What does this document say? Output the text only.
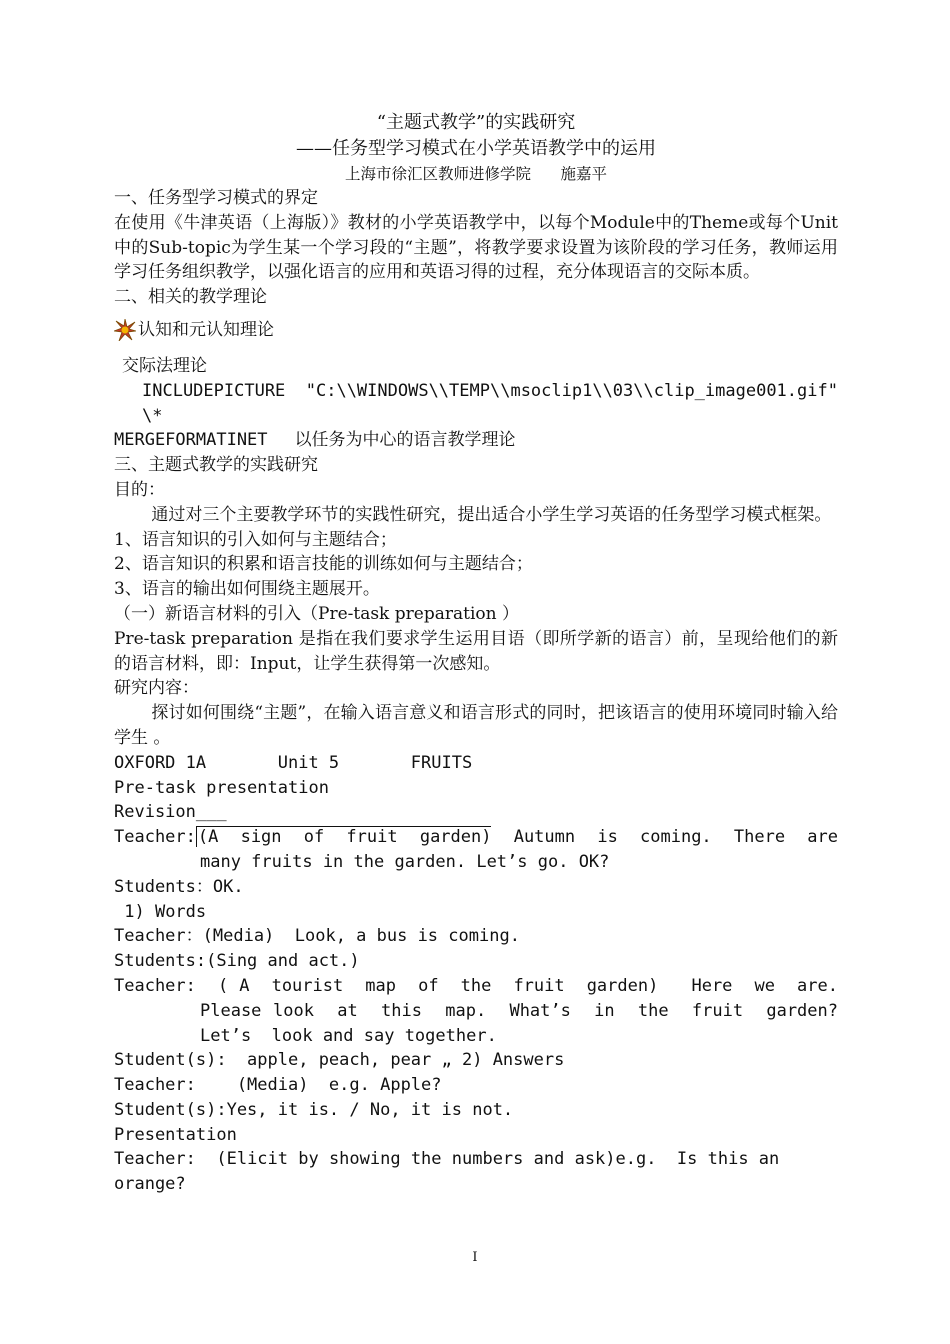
“主题式教学”的实践研究

——任务型学习模式在小学英语教学中的运用

上海市徐汇区教师进修学院 施嘉平

一、任务型学习模式的界定

在使用《牛津英语（上海版）》教材的小学英语教学中，以每个Module中的Theme或每个Unit中的Sub-topic为学生某一个学习段的“主题”，将教学要求设置为该阶段的学习任务，教师运用学习任务组织教学，以强化语言的应用和英语习得的过程，充分体现语言的交际本质。

二、相关的教学理论

认知和元认知理论

交际法理论

INCLUDEPICTURE  "C:\\WINDOWS\\TEMP\\msoclip1\\03\\clip_image001.gif"  \*

MERGEFORMATINET 以任务为中心的语言教学理论

三、主题式教学的实践研究

目的：

通过对三个主要教学环节的实践性研究，提出适合小学生学习英语的任务型学习模式框架。

1、语言知识的引入如何与主题结合；

2、语言知识的积累和语言技能的训练如何与主题结合；

3、语言的输出如何围绕主题展开。

（一）新语言材料的引入（Pre-task preparation ）

Pre-task preparation 是指在我们要求学生运用目语（即所学新的语言）前，呈现给他们的新的语言材料，即：Input，让学生获得第一次感知。

研究内容：

探讨如何围绕“主题”，在输入语言意义和语言形式的同时，把该语言的使用环境同时输入给学生 。

OXFORD 1A       Unit 5       FRUITS

Pre-task presentation

Revision___

Teacher: (A  sign  of  fruit  garden)  Autumn  is  coming.  There  are  many fruits in the garden. Let’s go. OK?

Students：OK.

1) Words

Teacher：(Media)  Look, a bus is coming.

Students:(Sing and act.)

Teacher: ( A  tourist  map  of  the  fruit  garden)   Here  we  are.  Please look  at  this  map.  What’s  in  the  fruit  garden?  Let’s  look and say together.

Student(s):  apple, peach, pear „ 2) Answers

Teacher:    (Media)  e.g. Apple?

Student(s):Yes, it is. / No, it is not.

Presentation

Teacher:  (Elicit by showing the numbers and ask)e.g.  Is this an orange?

I
